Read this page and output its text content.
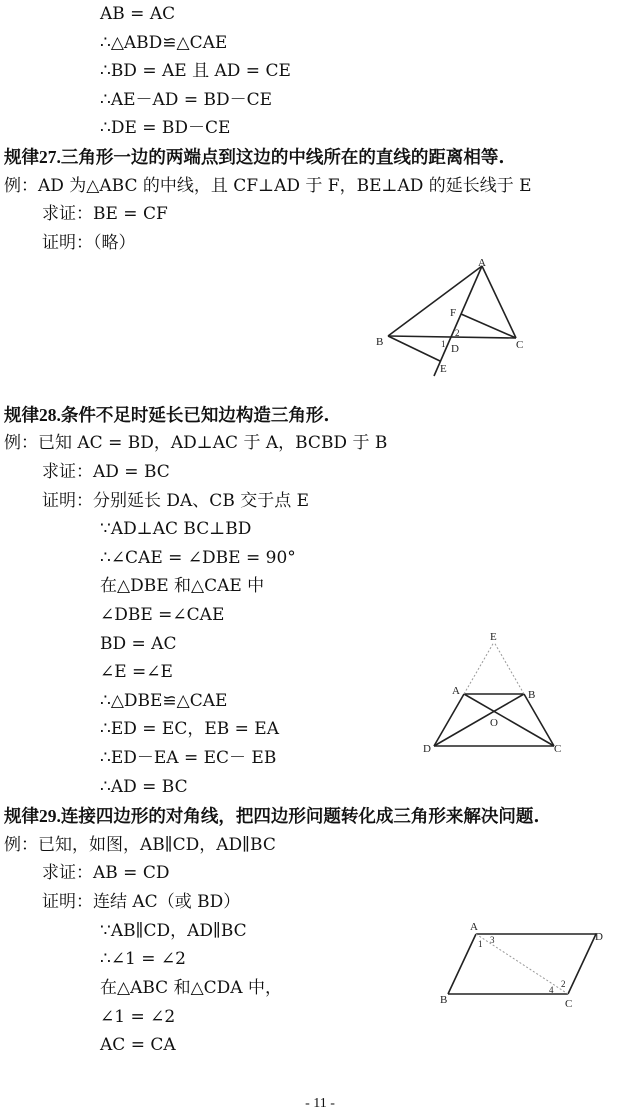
AB = AC
∴△ABD≌△CAE
∴BD = AE 且 AD = CE
∴AE－AD = BD－CE
∴DE = BD－CE
规律27.三角形一边的两端点到这边的中线所在的直线的距离相等.
例：AD 为△ABC 的中线，且 CF⊥AD 于 F，BE⊥AD 的延长线于 E
求证：BE = CF
证明：（略）
A
B	C
D
E
F
1
2
规律28.条件不足时延长已知边构造三角形.
例：已知 AC = BD，AD⊥AC 于 A，BCBD 于 B
求证：AD = BC
证明：分别延长 DA、CB 交于点 E
∵AD⊥AC BC⊥BD
∴∠CAE = ∠DBE = 90°
在△DBE 和△CAE 中
∠DBE =∠CAE
BD = AC
∠E =∠E
∴△DBE≌△CAE
∴ED = EC，EB = EA
∴ED－EA = EC－ EB
∴AD = BC
E
A	B
O
D	C
规律29.连接四边形的对角线，把四边形问题转化成三角形来解决问题.
例：已知，如图，AB∥CD，AD∥BC
求证：AB = CD
证明：连结 AC（或 BD）
∵AB∥CD，AD∥BC
∴∠1 = ∠2
在△ABC 和△CDA 中，
∠1 = ∠2
AC = CA
A
D
B	C
1 3
2
4
- 11 -
